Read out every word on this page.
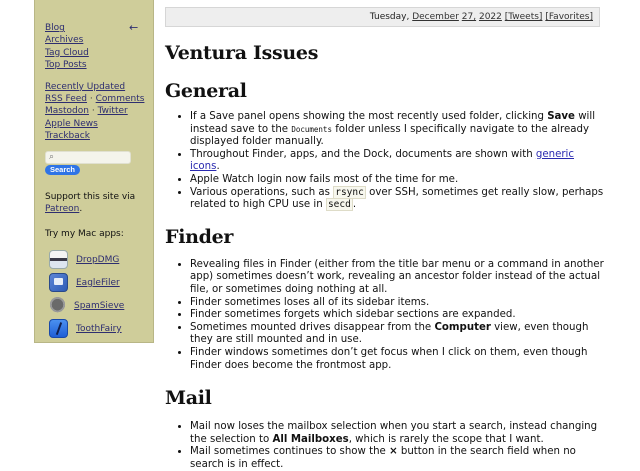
Blog	←
Archives
Tag Cloud
Top Posts
Recently Updated
RSS Feed · Comments
Mastodon · Twitter
Apple News
Trackback
⌕
Search
Support this site via
Patreon.
Try my Mac apps:
DropDMG
EagleFiler
SpamSieve
ToothFairy
Tuesday, December 27, 2022 [Tweets] [Favorites]
Ventura Issues
General
• If a Save panel opens showing the most recently used folder, clicking Save will instead save to the Documents folder unless I specifically navigate to the already displayed folder manually.
• Throughout Finder, apps, and the Dock, documents are shown with generic icons.
• Apple Watch login now fails most of the time for me.
• Various operations, such as rsync over SSH, sometimes get really slow, perhaps related to high CPU use in secd .
Finder
• Revealing files in Finder (either from the title bar menu or a command in another app) sometimes doesn’t work, revealing an ancestor folder instead of the actual file, or sometimes doing nothing at all.
• Finder sometimes loses all of its sidebar items.
• Finder sometimes forgets which sidebar sections are expanded.
• Sometimes mounted drives disappear from the Computer view, even though they are still mounted and in use.
• Finder windows sometimes don’t get focus when I click on them, even though Finder does become the frontmost app.
Mail
• Mail now loses the mailbox selection when you start a search, instead changing the selection to All Mailboxes, which is rarely the scope that I want.
• Mail sometimes continues to show the × button in the search field when no search is in effect.
